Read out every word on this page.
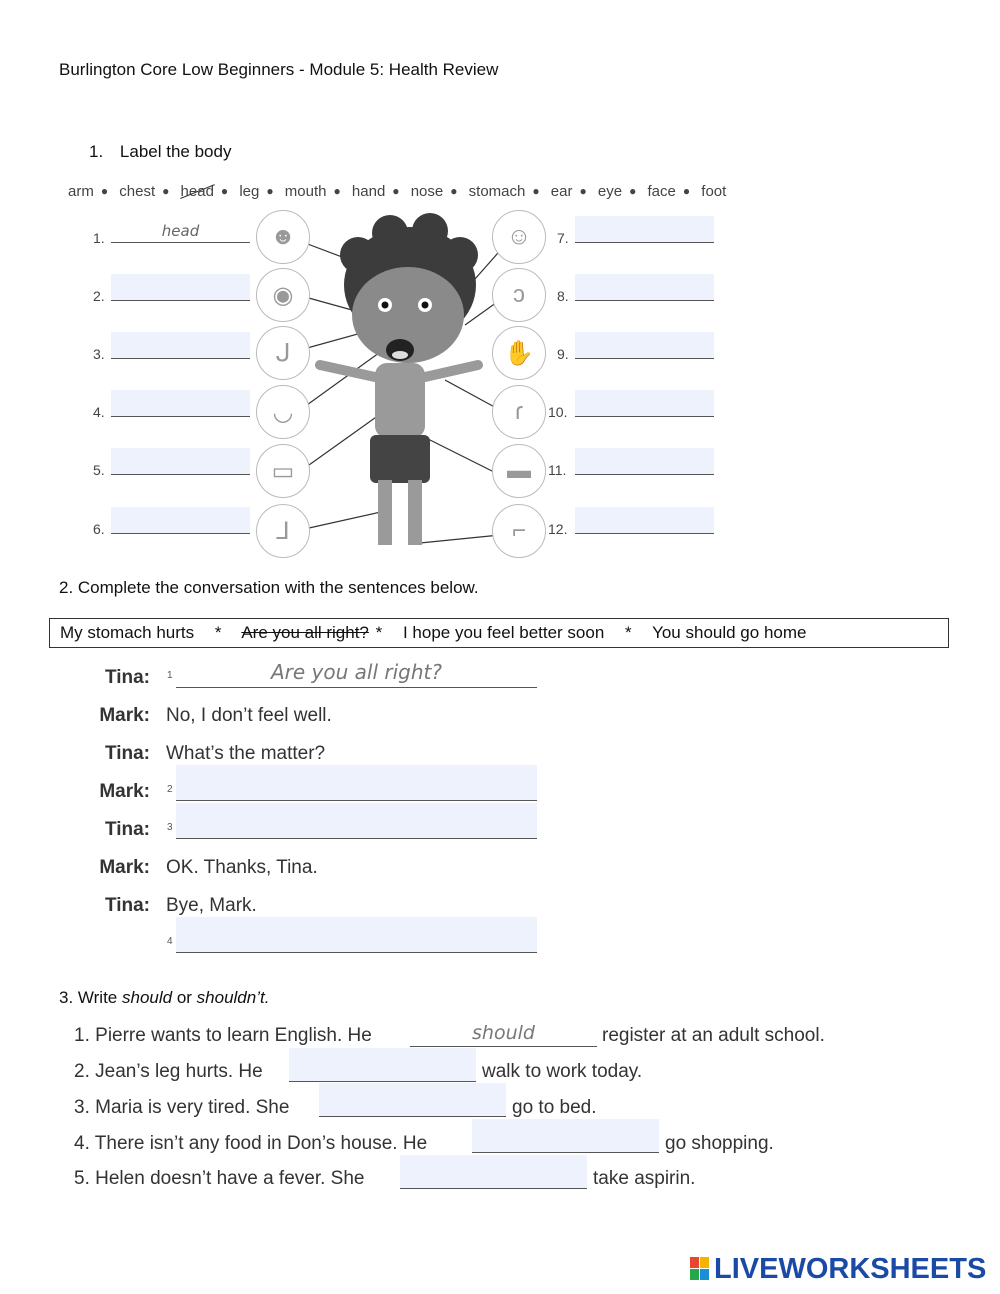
Burlington Core Low Beginners - Module 5: Health Review
1. Label the body
arm ● chest ● head ● leg ● mouth ● hand ● nose ● stomach ● ear ● eye ● face ● foot
☻
◉
ᒍ
◡
▭
⅃
☺
ↄ
✋
ɾ
▬
⌐
1.	head
2.
3.
4.
5.
6.
7.
8.
9.
10.
11.
12.
2. Complete the conversation with the sentences below.
My stomach hurts * Are you all right? * I hope you feel better soon * You should go home
Tina: 1	Are you all right?
Mark: No, I don’t feel well.
Tina: What’s the matter?
Mark: 2
Tina: 3
Mark: OK. Thanks, Tina.
Tina: Bye, Mark.
4
3. Write should or shouldn’t.
1. Pierre wants to learn English. He	should	register at an adult school.
2. Jean’s leg hurts. He	walk to work today.
3. Maria is very tired. She	go to bed.
4. There isn’t any food in Don’s house. He	go shopping.
5. Helen doesn’t have a fever. She	take aspirin.
LIVEWORKSHEETS
